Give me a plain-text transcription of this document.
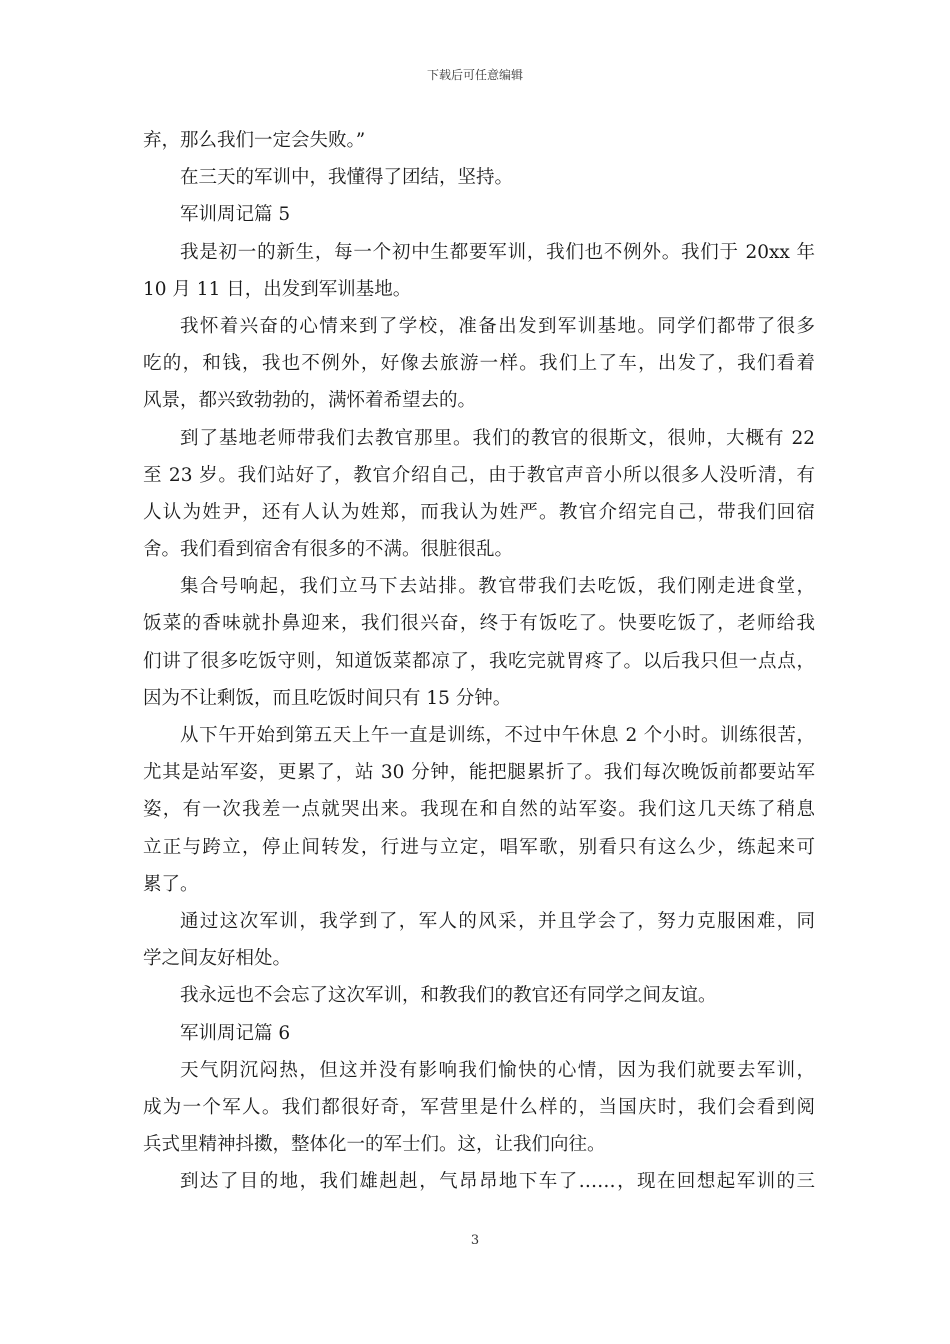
下载后可任意编辑
弃，那么我们一定会失败。”
在三天的军训中，我懂得了团结，坚持。
军训周记篇 5
我是初一的新生，每一个初中生都要军训，我们也不例外。我们于 20xx 年
10 月 11 日，出发到军训基地。
我怀着兴奋的心情来到了学校，准备出发到军训基地。同学们都带了很多
吃的，和钱，我也不例外，好像去旅游一样。我们上了车，出发了，我们看着
风景，都兴致勃勃的，满怀着希望去的。
到了基地老师带我们去教官那里。我们的教官的很斯文，很帅，大概有 22
至 23 岁。我们站好了，教官介绍自己，由于教官声音小所以很多人没听清，有
人认为姓尹，还有人认为姓郑，而我认为姓严。教官介绍完自己，带我们回宿
舍。我们看到宿舍有很多的不满。很脏很乱。
集合号响起，我们立马下去站排。教官带我们去吃饭，我们刚走进食堂，
饭菜的香味就扑鼻迎来，我们很兴奋，终于有饭吃了。快要吃饭了，老师给我
们讲了很多吃饭守则，知道饭菜都凉了，我吃完就胃疼了。以后我只但一点点，
因为不让剩饭，而且吃饭时间只有 15 分钟。
从下午开始到第五天上午一直是训练，不过中午休息 2 个小时。训练很苦，
尤其是站军姿，更累了，站 30 分钟，能把腿累折了。我们每次晚饭前都要站军
姿，有一次我差一点就哭出来。我现在和自然的站军姿。我们这几天练了稍息
立正与跨立，停止间转发，行进与立定，唱军歌，别看只有这么少，练起来可
累了。
通过这次军训，我学到了，军人的风采，并且学会了，努力克服困难，同
学之间友好相处。
我永远也不会忘了这次军训，和教我们的教官还有同学之间友谊。
军训周记篇 6
天气阴沉闷热，但这并没有影响我们愉快的心情，因为我们就要去军训，
成为一个军人。我们都很好奇，军营里是什么样的，当国庆时，我们会看到阅
兵式里精神抖擞，整体化一的军士们。这，让我们向往。
到达了目的地，我们雄赳赳，气昂昂地下车了……，现在回想起军训的三
3
